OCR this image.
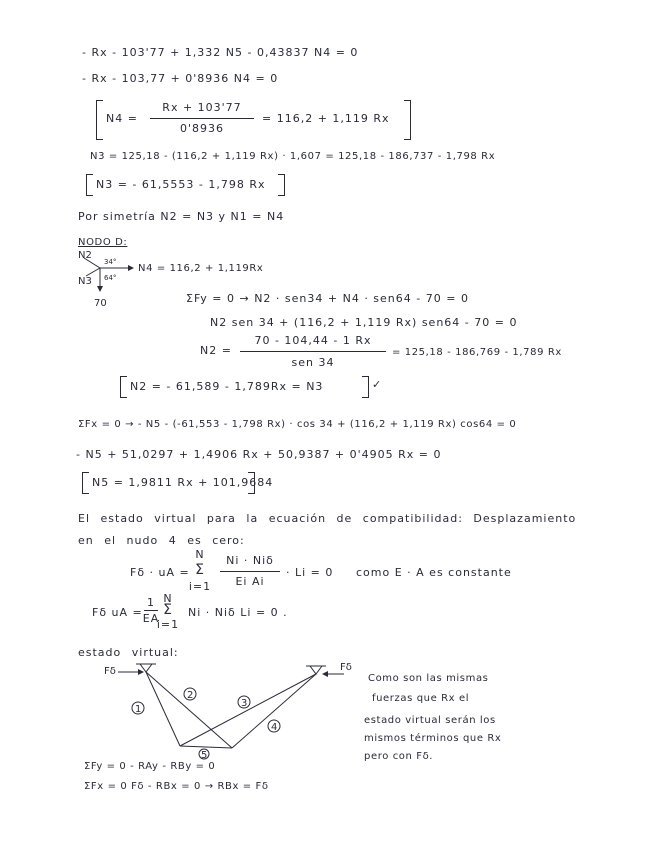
- Rx - 103'77 + 1,332 N5 - 0,43837 N4 = 0
- Rx - 103,77 + 0'8936 N4 = 0
N4 =
Rx + 103'77
0'8936
= 116,2 + 1,119 Rx
N3 = 125,18 - (116,2 + 1,119 Rx) · 1,607 = 125,18 - 186,737 - 1,798 Rx
N3 = - 61,5553 - 1,798 Rx
Por simetría N2 = N3 y N1 = N4
NODO D:
N2
N3
34°
64°
70
N4 = 116,2 + 1,119Rx
ΣFy = 0 → N2 · sen34 + N4 · sen64 - 70 = 0
N2 sen 34 + (116,2 + 1,119 Rx) sen64 - 70 = 0
N2 =
70 - 104,44 - 1 Rx
sen 34
= 125,18 - 186,769 - 1,789 Rx
N2 = - 61,589 - 1,789Rx = N3	✓
ΣFx = 0 → - N5 - (-61,553 - 1,798 Rx) · cos 34 + (116,2 + 1,119 Rx) cos64 = 0
- N5 + 51,0297 + 1,4906 Rx + 50,9387 + 0'4905 Rx = 0
N5 = 1,9811 Rx + 101,9684
El estado virtual para la ecuación de compatibilidad: Desplazamiento
en el nudo 4 es cero:
Fδ · uA =
N
Σ
i=1
Ni · Niδ
Ei Ai
· Li = 0 como E · A es constante
Fδ uA =
1
EA
N
Σ
i=1
Ni · Niδ Li = 0 .
estado virtual:
Fδ	Fδ
1
2
3
4
5
Como son las mismas
fuerzas que Rx el
estado virtual serán los
mismos términos que Rx
pero con Fδ.
ΣFy = 0 - RAy - RBy = 0
ΣFx = 0 Fδ - RBx = 0 → RBx = Fδ
